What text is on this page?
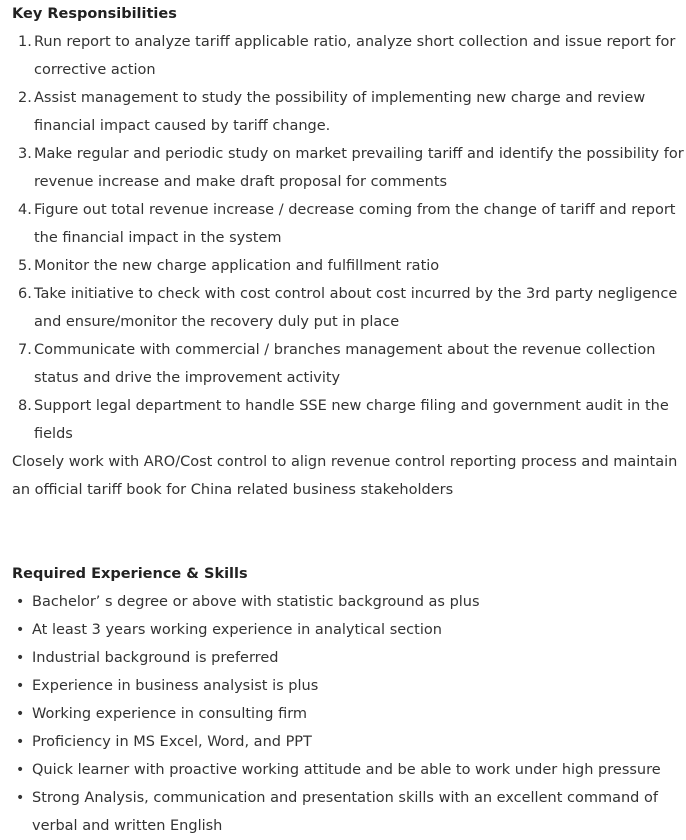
Key Responsibilities
1. Run report to analyze tariff applicable ratio, analyze short collection and issue report for corrective action
2. Assist management to study the possibility of implementing new charge and review financial impact caused by tariff change.
3. Make regular and periodic study on market prevailing tariff and identify the possibility for revenue increase and make draft proposal for comments
4. Figure out total revenue increase / decrease coming from the change of tariff and report the financial impact in the system
5. Monitor the new charge application and fulfillment ratio
6. Take initiative to check with cost control about cost incurred by the 3rd party negligence and ensure/monitor the recovery duly put in place
7. Communicate with commercial / branches management about the revenue collection status and drive the improvement activity
8. Support legal department to handle SSE new charge filing and government audit in the fields

Closely work with ARO/Cost control to align revenue control reporting process and maintain an official tariff book for China related business stakeholders

Required Experience & Skills
• Bachelor’ s degree or above with statistic background as plus
• At least 3 years working experience in analytical section
• Industrial background is preferred
• Experience in business analysist is plus
• Working experience in consulting firm
• Proficiency in MS Excel, Word, and PPT
• Quick learner with proactive working attitude and be able to work under high pressure
• Strong Analysis, communication and presentation skills with an excellent command of verbal and written English
